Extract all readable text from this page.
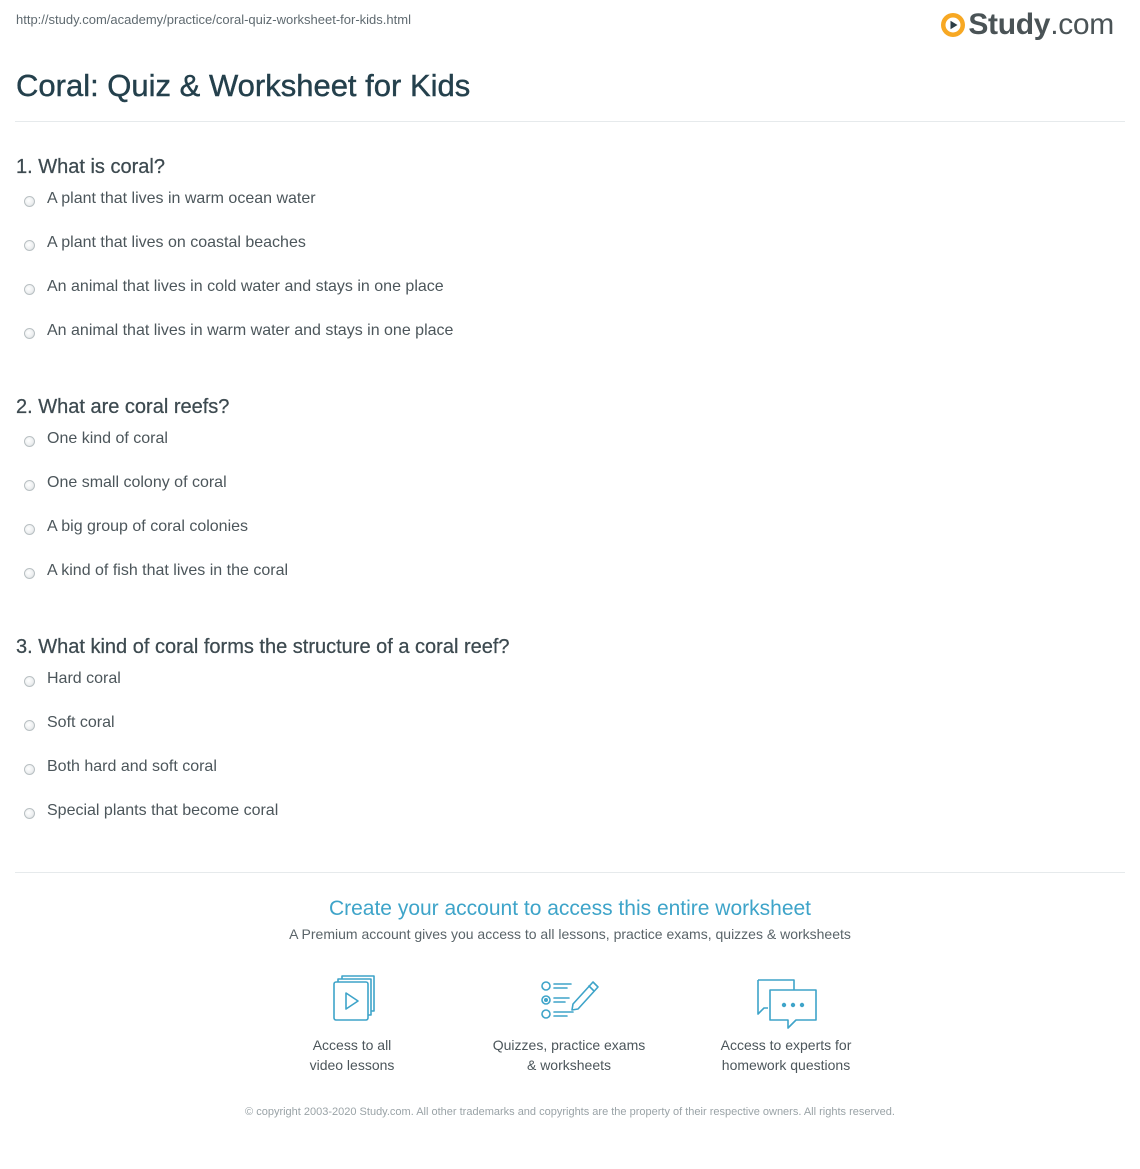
http://study.com/academy/practice/coral-quiz-worksheet-for-kids.html	Study.com
Coral: Quiz & Worksheet for Kids
1. What is coral?
A plant that lives in warm ocean water
A plant that lives on coastal beaches
An animal that lives in cold water and stays in one place
An animal that lives in warm water and stays in one place
2. What are coral reefs?
One kind of coral
One small colony of coral
A big group of coral colonies
A kind of fish that lives in the coral
3. What kind of coral forms the structure of a coral reef?
Hard coral
Soft coral
Both hard and soft coral
Special plants that become coral
Create your account to access this entire worksheet
A Premium account gives you access to all lessons, practice exams, quizzes & worksheets
Access to all
video lessons
Quizzes, practice exams
& worksheets
Access to experts for
homework questions
© copyright 2003-2020 Study.com. All other trademarks and copyrights are the property of their respective owners. All rights reserved.
